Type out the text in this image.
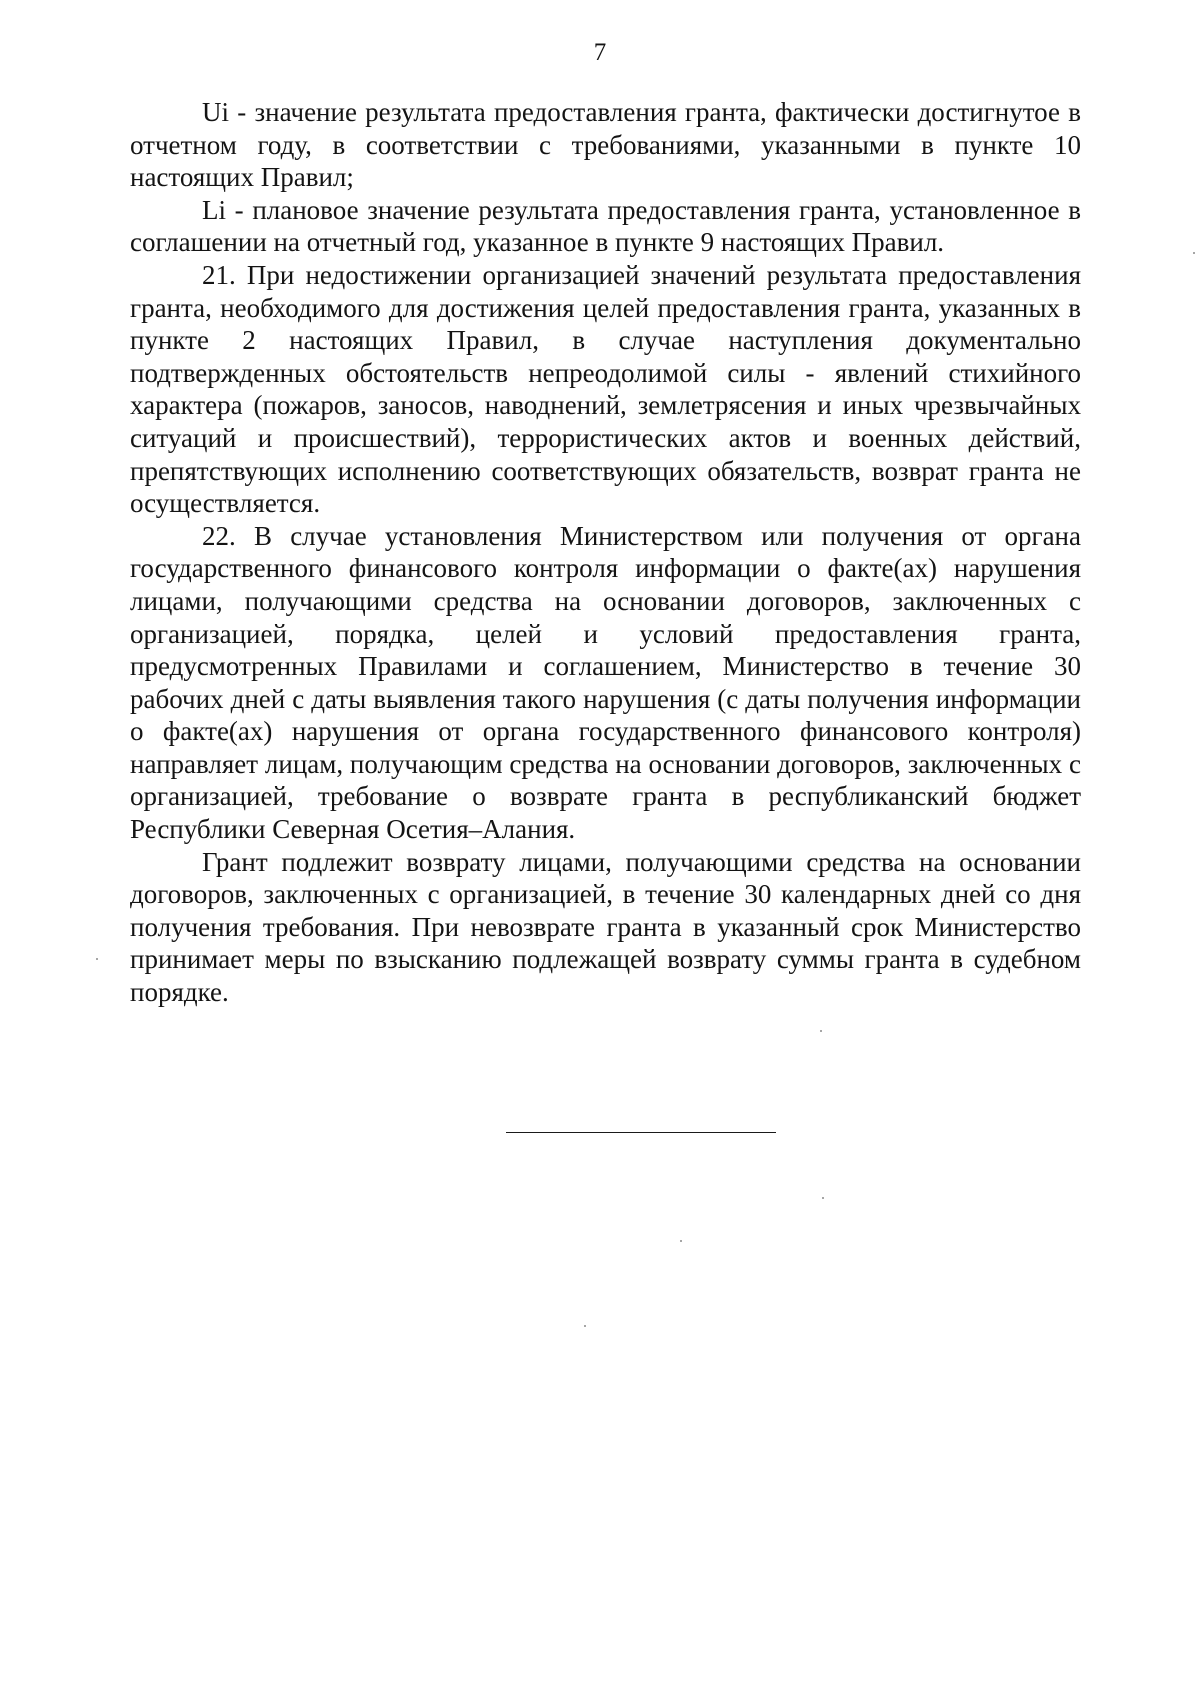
7

Ui - значение результата предоставления гранта, фактически достигнутое в отчетном году, в соответствии с требованиями, указанными в пункте 10 настоящих Правил;

Li - плановое значение результата предоставления гранта, установленное в соглашении на отчетный год, указанное в пункте 9 настоящих Правил.

21. При недостижении организацией значений результата предоставления гранта, необходимого для достижения целей предоставления гранта, указанных в пункте 2 настоящих Правил, в случае наступления документально подтвержденных обстоятельств непреодолимой силы - явлений стихийного характера (пожаров, заносов, наводнений, землетрясения и иных чрезвычайных ситуаций и происшествий), террористических актов и военных действий, препятствующих исполнению соответствующих обязательств, возврат гранта не осуществляется.

22. В случае установления Министерством или получения от органа государственного финансового контроля информации о факте(ах) нарушения лицами, получающими средства на основании договоров, заключенных с организацией, порядка, целей и условий предоставления гранта, предусмотренных Правилами и соглашением, Министерство в течение 30 рабочих дней с даты выявления такого нарушения (с даты получения информации о факте(ах) нарушения от органа государственного финансового контроля) направляет лицам, получающим средства на основании договоров, заключенных с организацией, требование о возврате гранта в республиканский бюджет Республики Северная Осетия–Алания.

Грант подлежит возврату лицами, получающими средства на основании договоров, заключенных с организацией, в течение 30 календарных дней со дня получения требования. При невозврате гранта в указанный срок Министерство принимает меры по взысканию подлежащей возврату суммы гранта в судебном порядке.
